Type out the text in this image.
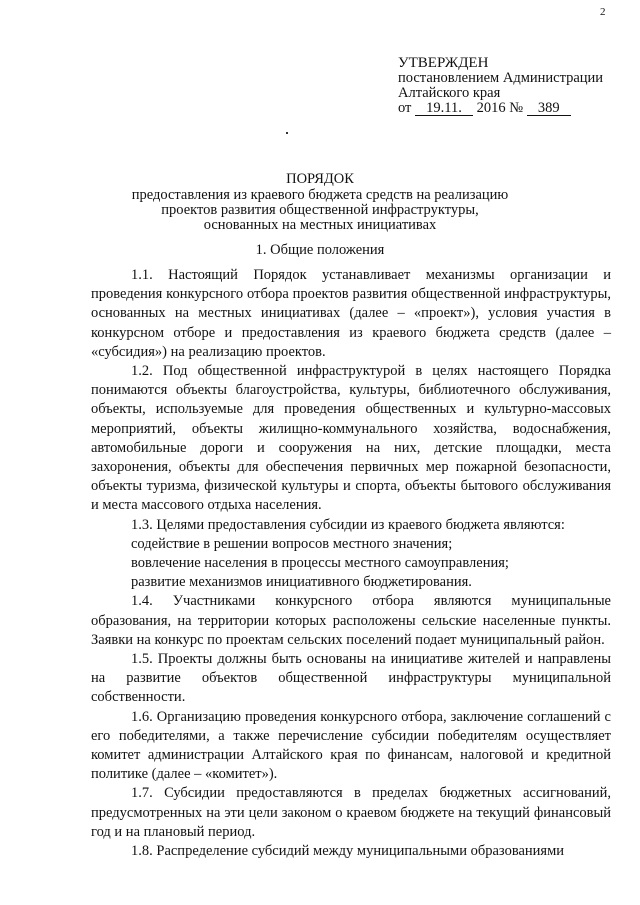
2
УТВЕРЖДЕН
постановлением Администрации
Алтайского края
от 19.11. 2016 № 389
ПОРЯДОК
предоставления из краевого бюджета средств на реализацию
проектов развития общественной инфраструктуры,
основанных на местных инициативах
1. Общие положения

1.1. Настоящий Порядок устанавливает механизмы организации и проведения конкурсного отбора проектов развития общественной инфраструктуры, основанных на местных инициативах (далее – «проект»), условия участия в конкурсном отборе и предоставления из краевого бюджета средств (далее – «субсидия») на реализацию проектов.

1.2. Под общественной инфраструктурой в целях настоящего Порядка понимаются объекты благоустройства, культуры, библиотечного обслуживания, объекты, используемые для проведения общественных и культурно-массовых мероприятий, объекты жилищно-коммунального хозяйства, водоснабжения, автомобильные дороги и сооружения на них, детские площадки, места захоронения, объекты для обеспечения первичных мер пожарной безопасности, объекты туризма, физической культуры и спорта, объекты бытового обслуживания и места массового отдыха населения.

1.3. Целями предоставления субсидии из краевого бюджета являются:

содействие в решении вопросов местного значения;

вовлечение населения в процессы местного самоуправления;

развитие механизмов инициативного бюджетирования.

1.4. Участниками конкурсного отбора являются муниципальные образования, на территории которых расположены сельские населенные пункты. Заявки на конкурс по проектам сельских поселений подает муниципальный район.

1.5. Проекты должны быть основаны на инициативе жителей и направлены на развитие объектов общественной инфраструктуры муниципальной собственности.

1.6. Организацию проведения конкурсного отбора, заключение соглашений с его победителями, а также перечисление субсидии победителям осуществляет комитет администрации Алтайского края по финансам, налоговой и кредитной политике (далее – «комитет»).

1.7. Субсидии предоставляются в пределах бюджетных ассигнований, предусмотренных на эти цели законом о краевом бюджете на текущий финансовый год и на плановый период.

1.8. Распределение субсидий между муниципальными образованиями
